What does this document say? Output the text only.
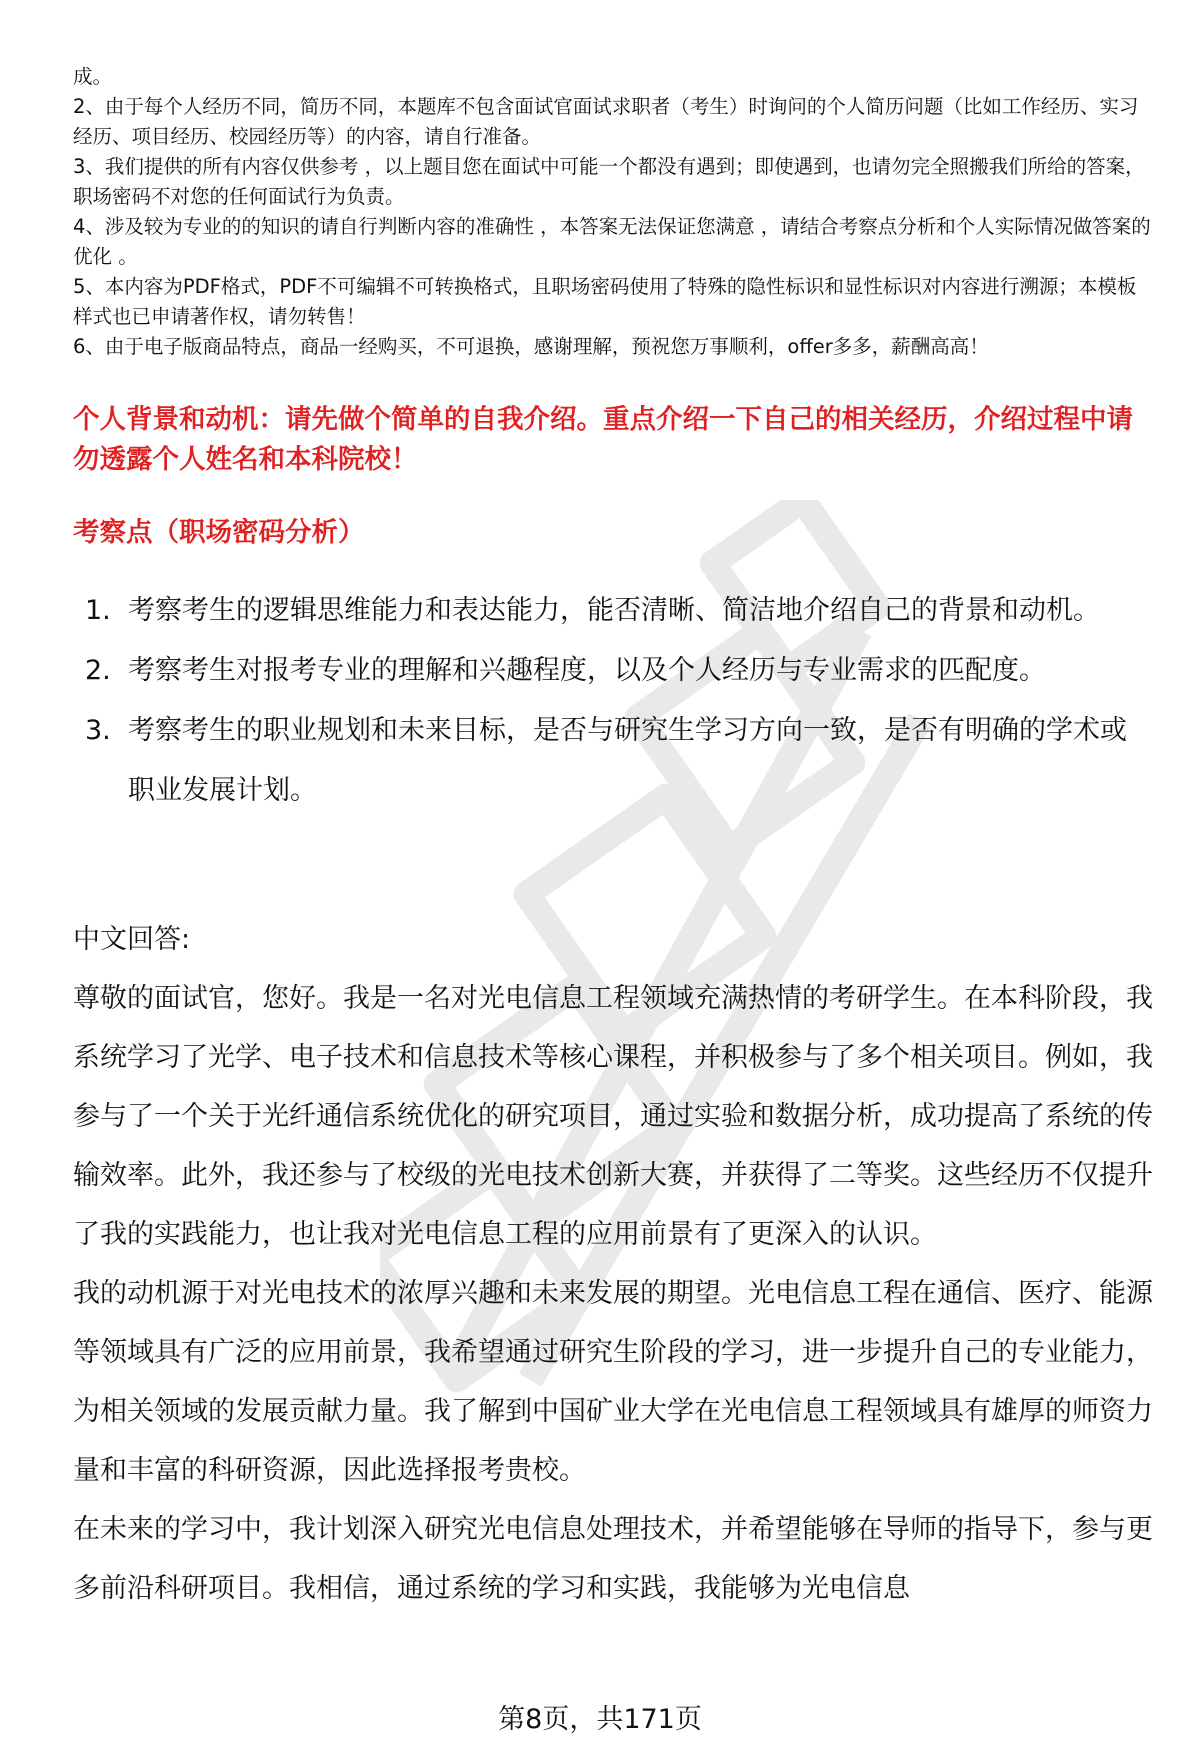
成。

2、由于每个人经历不同，简历不同，本题库不包含面试官面试求职者（考生）时询问的个人简历问题（比如工作经历、实习经历、项目经历、校园经历等）的内容，请自行准备。

3、我们提供的所有内容仅供参考 ，以上题目您在面试中可能一个都没有遇到；即使遇到，也请勿完全照搬我们所给的答案，职场密码不对您的任何面试行为负责。

4、涉及较为专业的的知识的请自行判断内容的准确性 ，本答案无法保证您满意 ，请结合考察点分析和个人实际情况做答案的优化 。

5、本内容为PDF格式，PDF不可编辑不可转换格式，且职场密码使用了特殊的隐性标识和显性标识对内容进行溯源；本模板样式也已申请著作权，请勿转售！

6、由于电子版商品特点，商品一经购买，不可退换，感谢理解，预祝您万事顺利，offer多多，薪酬高高！

个人背景和动机：请先做个简单的自我介绍。重点介绍一下自己的相关经历，介绍过程中请勿透露个人姓名和本科院校！
考察点（职场密码分析）
1. 考察考生的逻辑思维能力和表达能力，能否清晰、简洁地介绍自己的背景和动机。
2. 考察考生对报考专业的理解和兴趣程度，以及个人经历与专业需求的匹配度。
3. 考察考生的职业规划和未来目标，是否与研究生学习方向一致，是否有明确的学术或职业发展计划。

中文回答:

尊敬的面试官，您好。我是一名对光电信息工程领域充满热情的考研学生。在本科阶段，我系统学习了光学、电子技术和信息技术等核心课程，并积极参与了多个相关项目。例如，我参与了一个关于光纤通信系统优化的研究项目，通过实验和数据分析，成功提高了系统的传输效率。此外，我还参与了校级的光电技术创新大赛，并获得了二等奖。这些经历不仅提升了我的实践能力，也让我对光电信息工程的应用前景有了更深入的认识。

我的动机源于对光电技术的浓厚兴趣和未来发展的期望。光电信息工程在通信、医疗、能源等领域具有广泛的应用前景，我希望通过研究生阶段的学习，进一步提升自己的专业能力，为相关领域的发展贡献力量。我了解到中国矿业大学在光电信息工程领域具有雄厚的师资力量和丰富的科研资源，因此选择报考贵校。

在未来的学习中，我计划深入研究光电信息处理技术，并希望能够在导师的指导下，参与更多前沿科研项目。我相信，通过系统的学习和实践，我能够为光电信息

第8页，共171页
